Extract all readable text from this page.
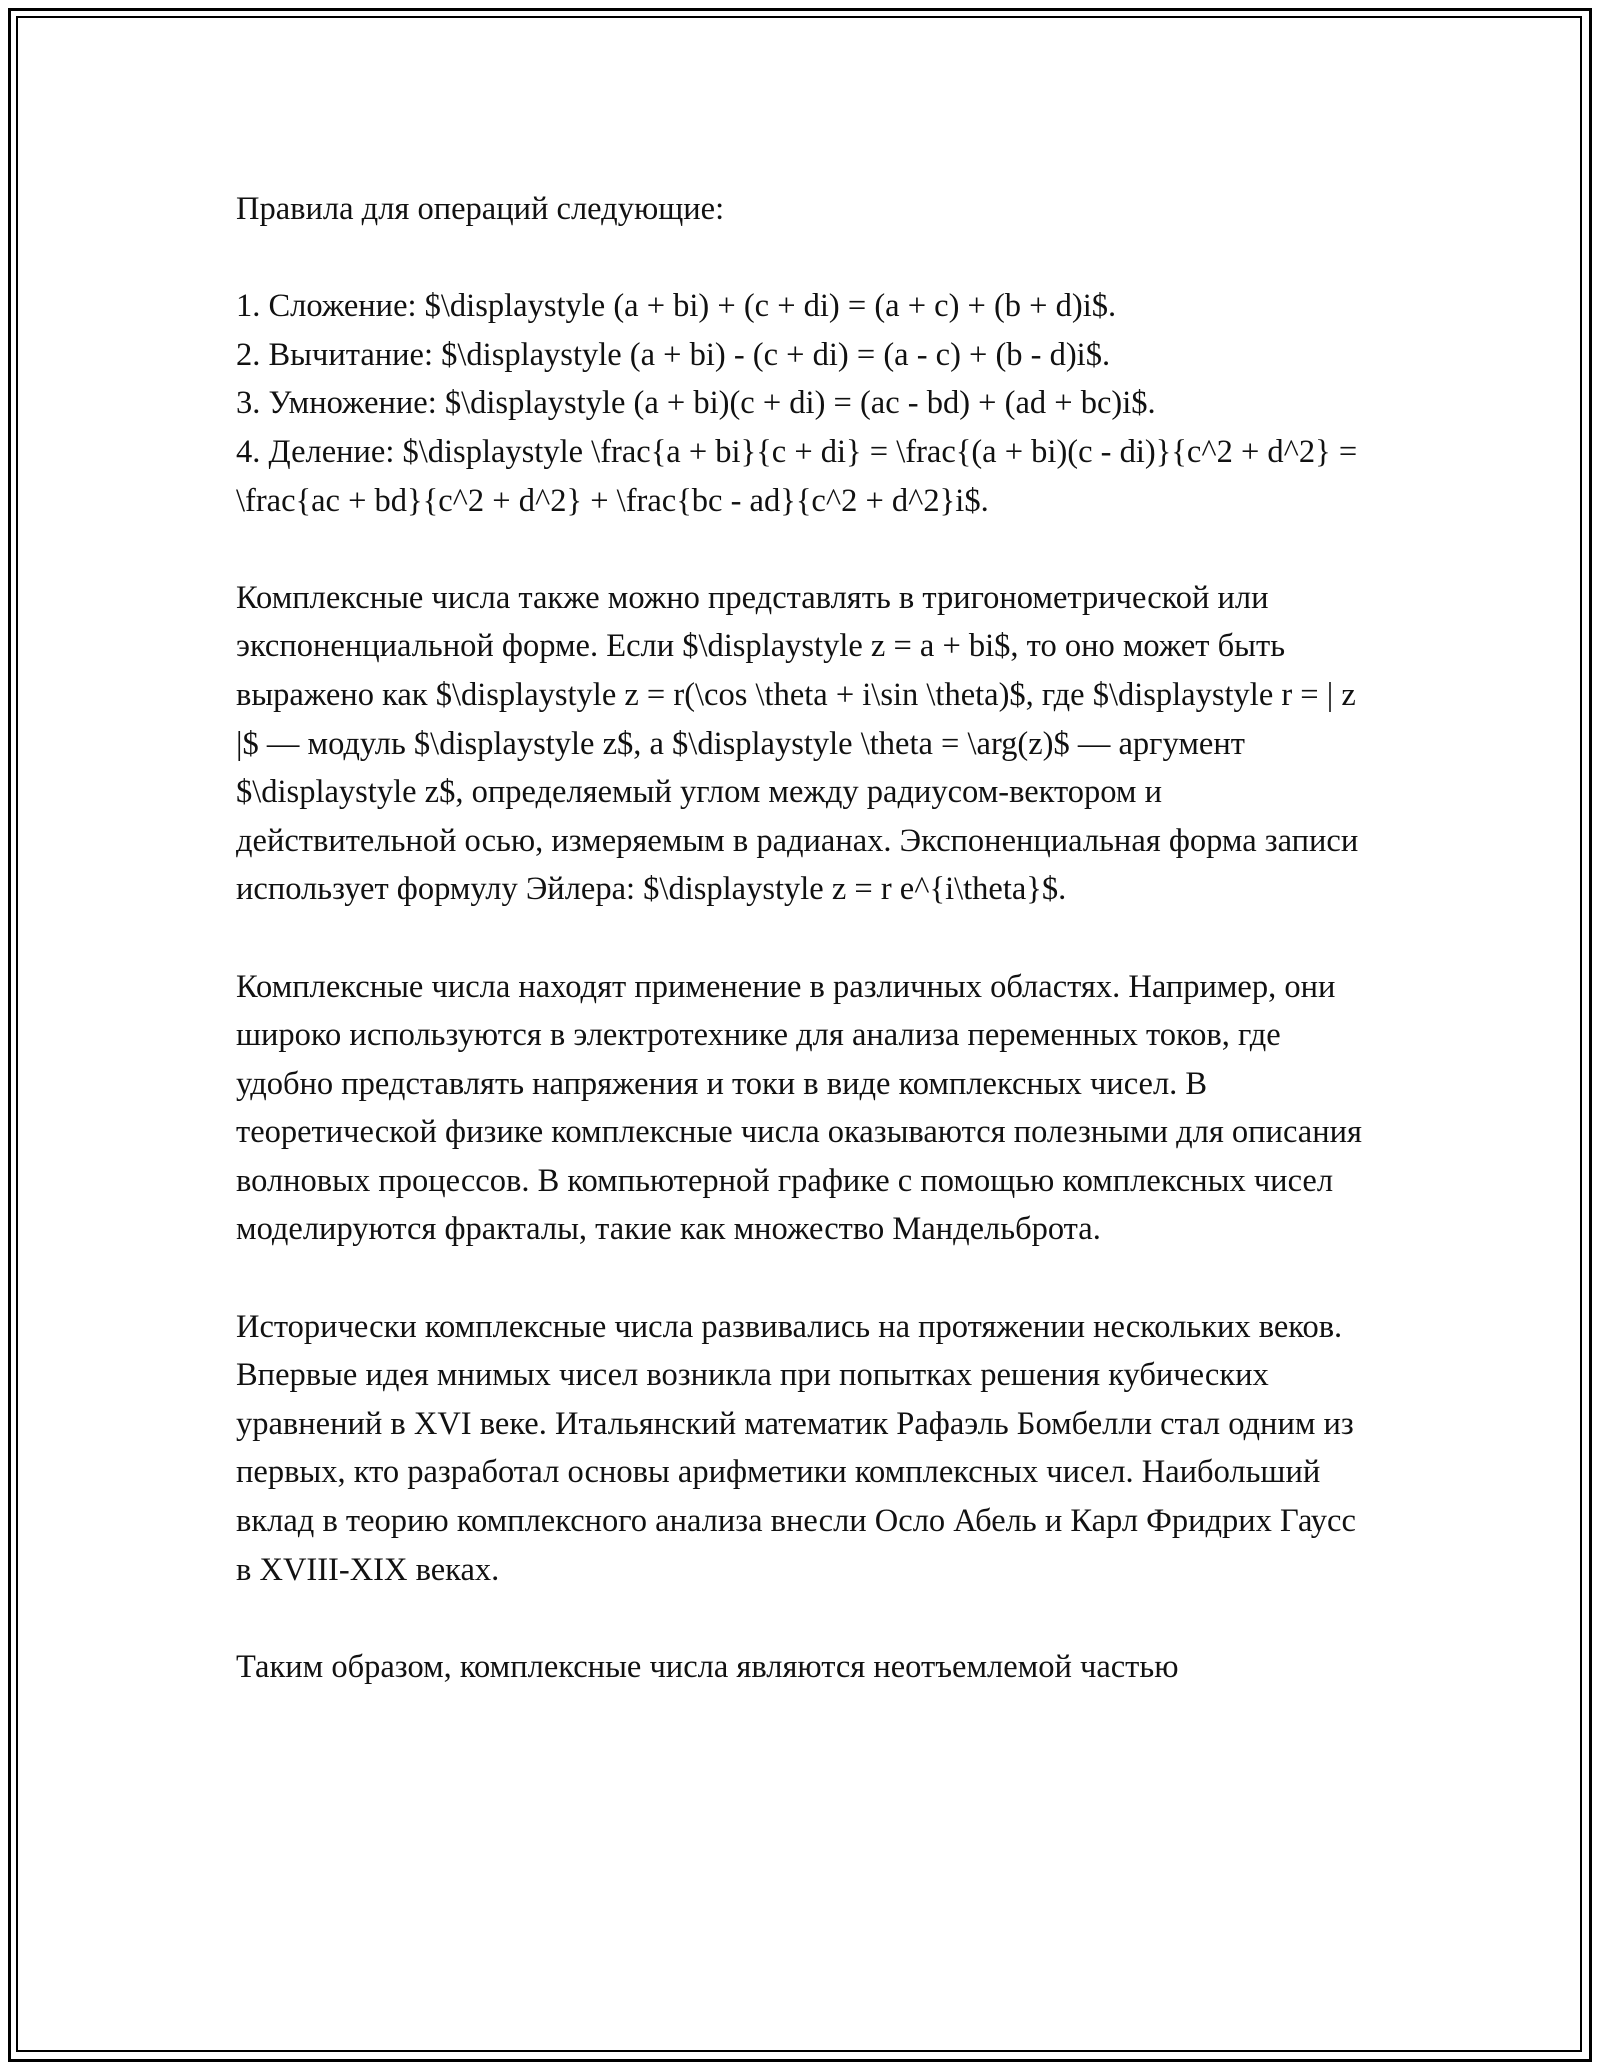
Правила для операций следующие:

1. Сложение: $\displaystyle (a + bi) + (c + di) = (a + c) + (b + d)i$.
2. Вычитание: $\displaystyle (a + bi) - (c + di) = (a - c) + (b - d)i$.
3. Умножение: $\displaystyle (a + bi)(c + di) = (ac - bd) + (ad + bc)i$.
4. Деление: $\displaystyle \frac{a + bi}{c + di} = \frac{(a + bi)(c - di)}{c^2 + d^2} = \frac{ac + bd}{c^2 + d^2} + \frac{bc - ad}{c^2 + d^2}i$.

Комплексные числа также можно представлять в тригонометрической или экспоненциальной форме. Если $\displaystyle z = a + bi$, то оно может быть выражено как $\displaystyle z = r(\cos \theta + i\sin \theta)$, где $\displaystyle r = | z |$ — модуль $\displaystyle z$, а $\displaystyle \theta = \arg(z)$ — аргумент $\displaystyle z$, определяемый углом между радиусом-вектором и действительной осью, измеряемым в радианах. Экспоненциальная форма записи использует формулу Эйлера: $\displaystyle z = r e^{i\theta}$.

Комплексные числа находят применение в различных областях. Например, они широко используются в электротехнике для анализа переменных токов, где удобно представлять напряжения и токи в виде комплексных чисел. В теоретической физике комплексные числа оказываются полезными для описания волновых процессов. В компьютерной графике с помощью комплексных чисел моделируются фракталы, такие как множество Мандельброта.

Исторически комплексные числа развивались на протяжении нескольких веков. Впервые идея мнимых чисел возникла при попытках решения кубических уравнений в XVI веке. Итальянский математик Рафаэль Бомбелли стал одним из первых, кто разработал основы арифметики комплексных чисел. Наибольший вклад в теорию комплексного анализа внесли Осло Абель и Карл Фридрих Гаусс в XVIII-XIX веках.

Таким образом, комплексные числа являются неотъемлемой частью
